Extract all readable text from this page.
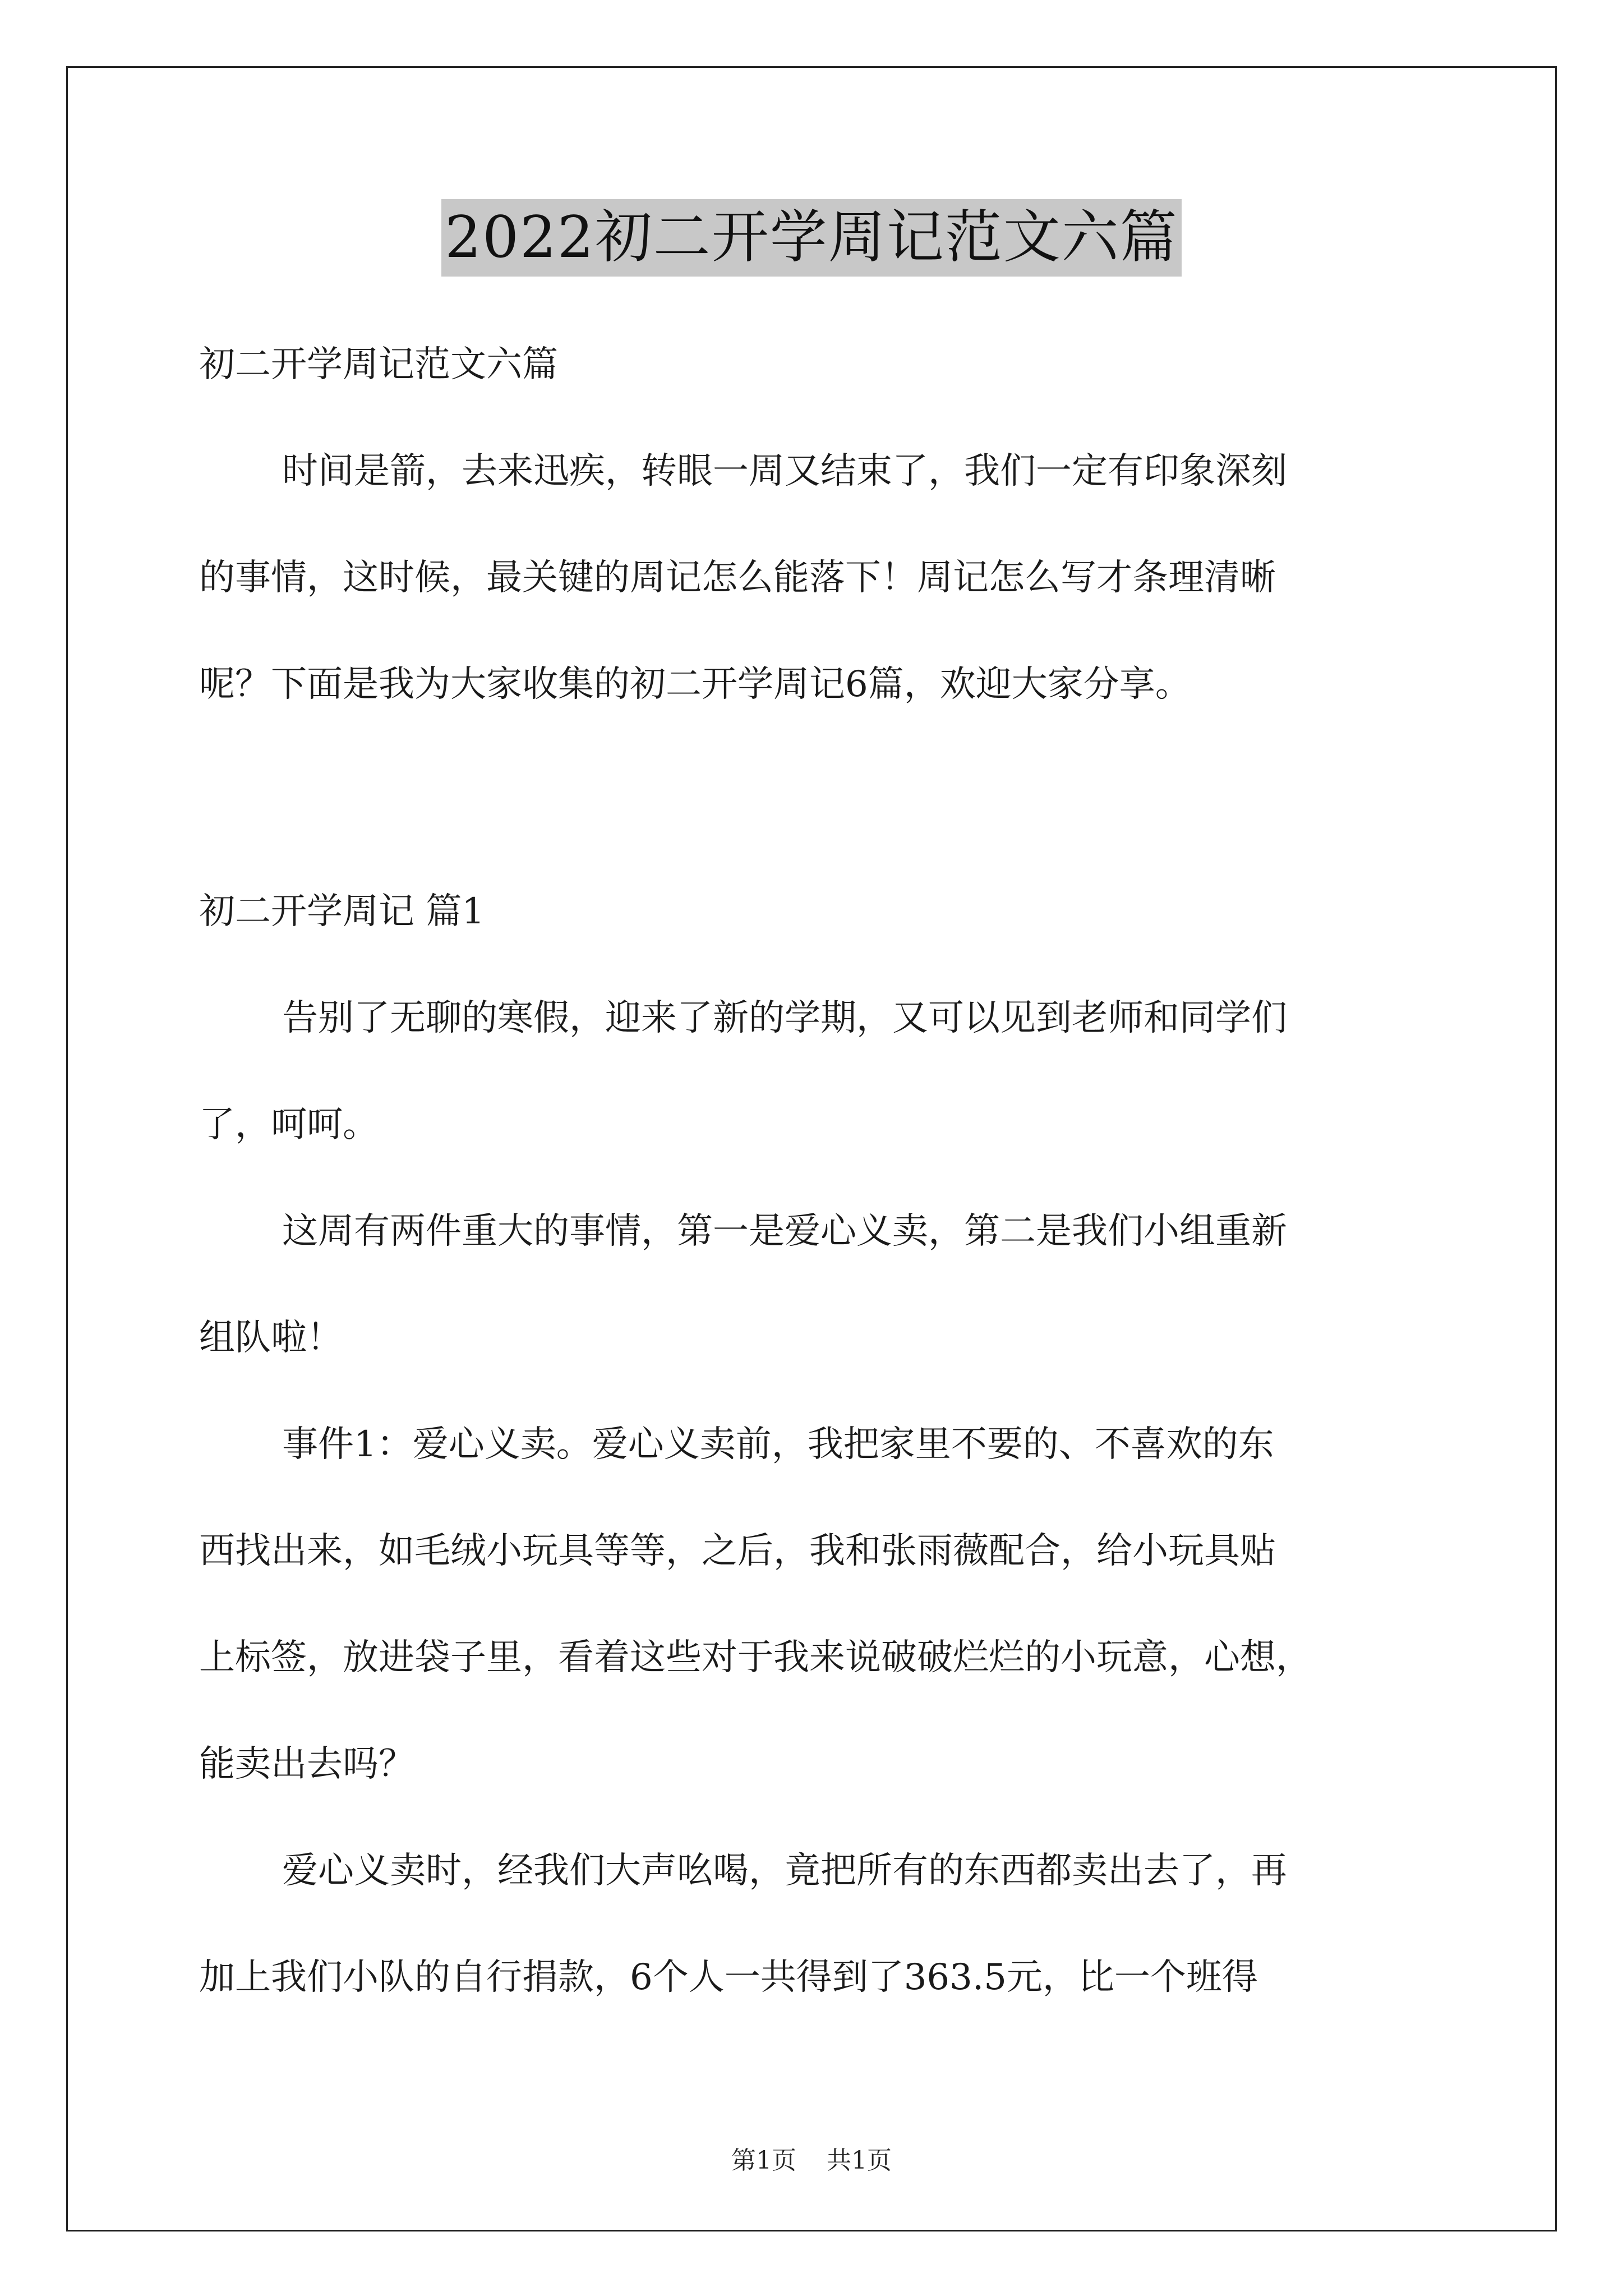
2022初二开学周记范文六篇
初二开学周记范文六篇
时间是箭，去来迅疾，转眼一周又结束了，我们一定有印象深刻
的事情，这时候，最关键的周记怎么能落下！周记怎么写才条理清晰
呢？下面是我为大家收集的初二开学周记6篇，欢迎大家分享。
初二开学周记 篇1
告别了无聊的寒假，迎来了新的学期，又可以见到老师和同学们
了，呵呵。
这周有两件重大的事情，第一是爱心义卖，第二是我们小组重新
组队啦！
事件1：爱心义卖。爱心义卖前，我把家里不要的、不喜欢的东
西找出来，如毛绒小玩具等等，之后，我和张雨薇配合，给小玩具贴
上标签，放进袋子里，看着这些对于我来说破破烂烂的小玩意，心想，
能卖出去吗？
爱心义卖时，经我们大声吆喝，竟把所有的东西都卖出去了，再
加上我们小队的自行捐款，6个人一共得到了363.5元，比一个班得
第1页 共1页
